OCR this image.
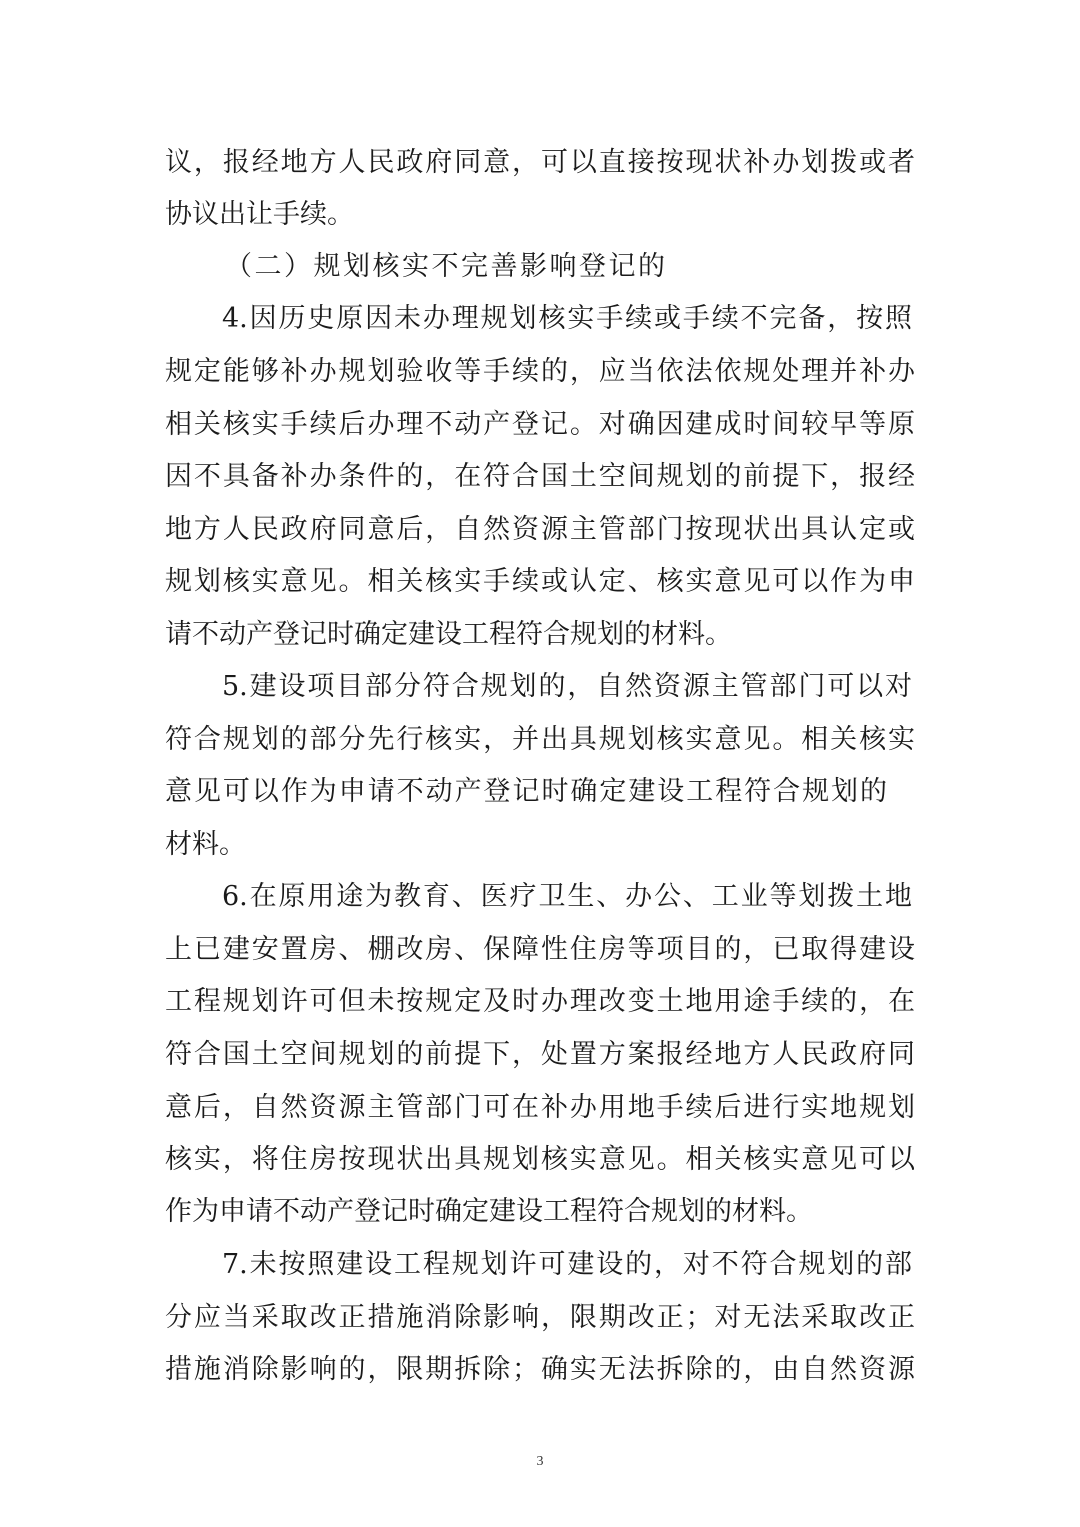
议，报经地方人民政府同意，可以直接按现状补办划拨或者
协议出让手续。
（二）规划核实不完善影响登记的
4.因历史原因未办理规划核实手续或手续不完备，按照
规定能够补办规划验收等手续的，应当依法依规处理并补办
相关核实手续后办理不动产登记。对确因建成时间较早等原
因不具备补办条件的，在符合国土空间规划的前提下，报经
地方人民政府同意后，自然资源主管部门按现状出具认定或
规划核实意见。相关核实手续或认定、核实意见可以作为申
请不动产登记时确定建设工程符合规划的材料。
5.建设项目部分符合规划的，自然资源主管部门可以对
符合规划的部分先行核实，并出具规划核实意见。相关核实
意见可以作为申请不动产登记时确定建设工程符合规划的
材料。
6.在原用途为教育、医疗卫生、办公、工业等划拨土地
上已建安置房、棚改房、保障性住房等项目的，已取得建设
工程规划许可但未按规定及时办理改变土地用途手续的，在
符合国土空间规划的前提下，处置方案报经地方人民政府同
意后，自然资源主管部门可在补办用地手续后进行实地规划
核实，将住房按现状出具规划核实意见。相关核实意见可以
作为申请不动产登记时确定建设工程符合规划的材料。
7.未按照建设工程规划许可建设的，对不符合规划的部
分应当采取改正措施消除影响，限期改正；对无法采取改正
措施消除影响的，限期拆除；确实无法拆除的，由自然资源
3
